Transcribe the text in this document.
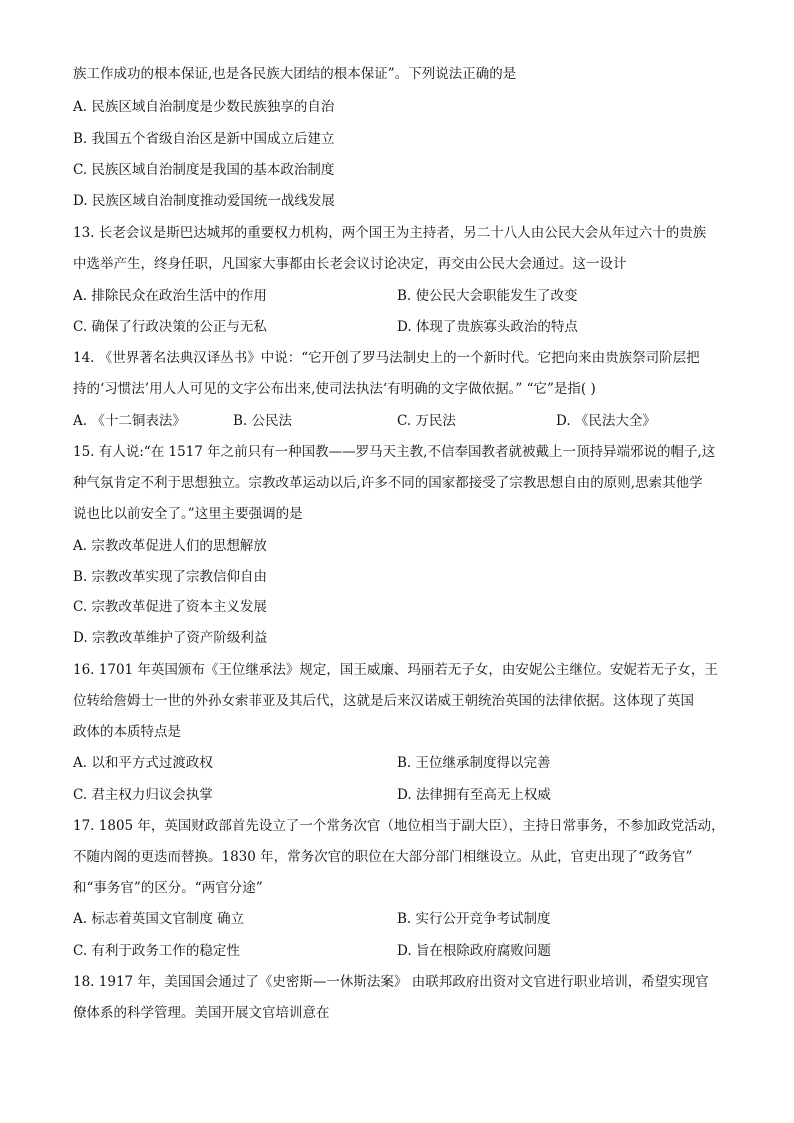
族工作成功的根本保证,也是各民族大团结的根本保证”。下列说法正确的是
A. 民族区域自治制度是少数民族独享的自治
B. 我国五个省级自治区是新中国成立后建立
C. 民族区域自治制度是我国的基本政治制度
D. 民族区域自治制度推动爱国统一战线发展
13. 长老会议是斯巴达城邦的重要权力机构，两个国王为主持者，另二十八人由公民大会从年过六十的贵族
中选举产生，终身任职，凡国家大事都由长老会议讨论决定，再交由公民大会通过。这一设计
A. 排除民众在政治生活中的作用	B. 使公民大会职能发生了改变
C. 确保了行政决策的公正与无私	D. 体现了贵族寡头政治的特点
14. 《世界著名法典汉译丛书》中说：“它开创了罗马法制史上的一个新时代。它把向来由贵族祭司阶层把
持的‘习惯法’用人人可见的文字公布出来,使司法执法‘有明确的文字做依据。” “它”是指( )
A. 《十二铜表法》	B. 公民法	C. 万民法	D. 《民法大全》
15. 有人说:“在 1517 年之前只有一种国教——罗马天主教,不信奉国教者就被戴上一顶持异端邪说的帽子,这
种气氛肯定不利于思想独立。宗教改革运动以后,许多不同的国家都接受了宗教思想自由的原则,思索其他学
说也比以前安全了。”这里主要强调的是
A. 宗教改革促进人们的思想解放
B. 宗教改革实现了宗教信仰自由
C. 宗教改革促进了资本主义发展
D. 宗教改革维护了资产阶级利益
16. 1701 年英国颁布《王位继承法》规定，国王威廉、玛丽若无子女，由安妮公主继位。安妮若无子女，王
位转给詹姆士一世的外孙女索菲亚及其后代，这就是后来汉诺威王朝统治英国的法律依据。这体现了英国
政体的本质特点是
A. 以和平方式过渡政权	B. 王位继承制度得以完善
C. 君主权力归议会执掌	D. 法律拥有至高无上权威
17. 1805 年，英国财政部首先设立了一个常务次官（地位相当于副大臣），主持日常事务，不参加政党活动，
不随内阁的更迭而替换。1830 年，常务次官的职位在大部分部门相继设立。从此，官吏出现了“政务官”
和“事务官”的区分。“两官分途”
A. 标志着英国文官制度 确立	B. 实行公开竞争考试制度
C. 有利于政务工作的稳定性	D. 旨在根除政府腐败问题
18. 1917 年，美国国会通过了《史密斯—一休斯法案》 由联邦政府出资对文官进行职业培训，希望实现官
僚体系的科学管理。美国开展文官培训意在
